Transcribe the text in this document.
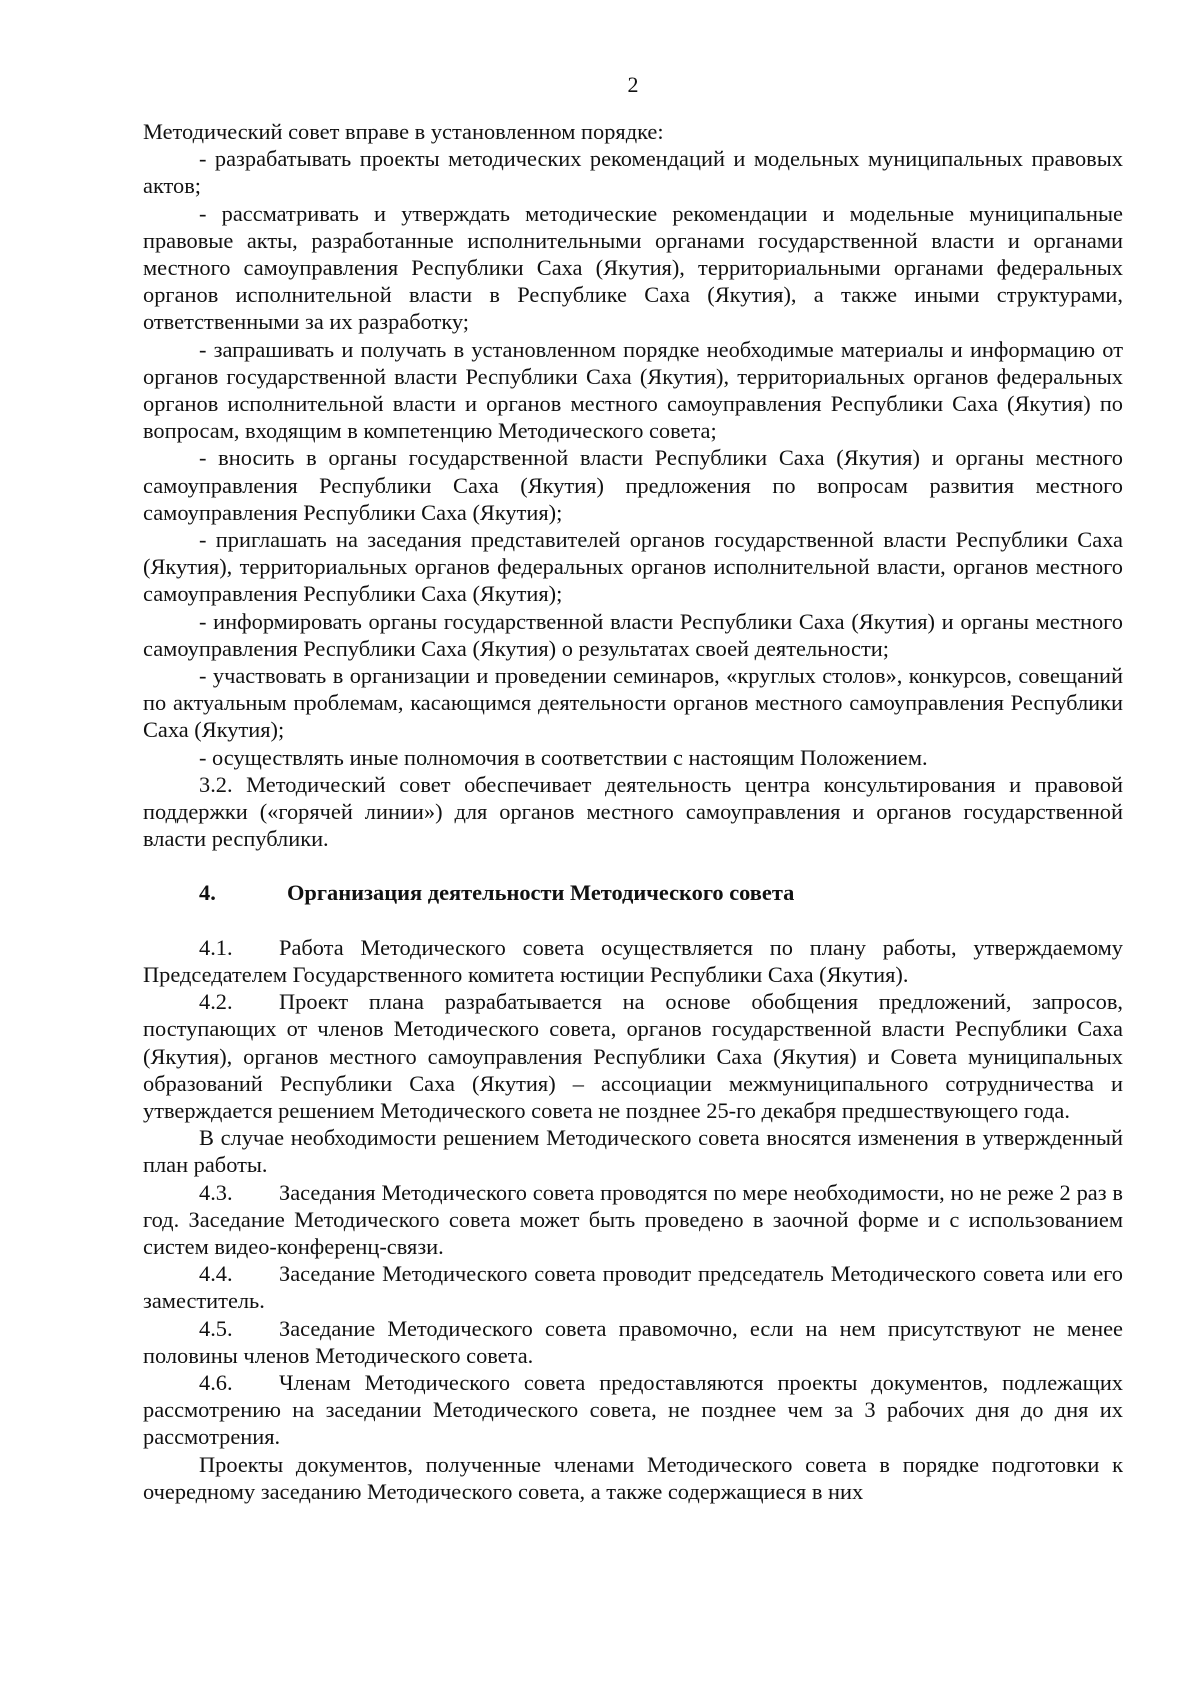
2

Методический совет вправе в установленном порядке:

- разрабатывать проекты методических рекомендаций и модельных муниципальных правовых актов;

- рассматривать и утверждать методические рекомендации и модельные муниципальные правовые акты, разработанные исполнительными органами государственной власти и органами местного самоуправления Республики Саха (Якутия), территориальными органами федеральных органов исполнительной власти в Республике Саха (Якутия), а также иными структурами, ответственными за их разработку;

- запрашивать и получать в установленном порядке необходимые материалы и информацию от органов государственной власти Республики Саха (Якутия), территориальных органов федеральных органов исполнительной власти и органов местного самоуправления Республики Саха (Якутия) по вопросам, входящим в компетенцию Методического совета;

- вносить в органы государственной власти Республики Саха (Якутия) и органы местного самоуправления Республики Саха (Якутия) предложения по вопросам развития местного самоуправления Республики Саха (Якутия);

- приглашать на заседания представителей органов государственной власти Республики Саха (Якутия), территориальных органов федеральных органов исполнительной власти, органов местного самоуправления Республики Саха (Якутия);

- информировать органы государственной власти Республики Саха (Якутия) и органы местного самоуправления Республики Саха (Якутия) о результатах своей деятельности;

- участвовать в организации и проведении семинаров, «круглых столов», конкурсов, совещаний по актуальным проблемам, касающимся деятельности органов местного самоуправления Республики Саха (Якутия);

- осуществлять иные полномочия в соответствии с настоящим Положением.

3.2. Методический совет обеспечивает деятельность центра консультирования и правовой поддержки («горячей линии») для органов местного самоуправления и органов государственной власти республики.

4.	Организация деятельности Методического совета

4.1. Работа Методического совета осуществляется по плану работы, утверждаемому Председателем Государственного комитета юстиции Республики Саха (Якутия).

4.2. Проект плана разрабатывается на основе обобщения предложений, запросов, поступающих от членов Методического совета, органов государственной власти Республики Саха (Якутия), органов местного самоуправления Республики Саха (Якутия) и Совета муниципальных образований Республики Саха (Якутия) – ассоциации межмуниципального сотрудничества и утверждается решением Методического совета не позднее 25-го декабря предшествующего года.

В случае необходимости решением Методического совета вносятся изменения в утвержденный план работы.

4.3. Заседания Методического совета проводятся по мере необходимости, но не реже 2 раз в год. Заседание Методического совета может быть проведено в заочной форме и с использованием систем видео-конференц-связи.

4.4. Заседание Методического совета проводит председатель Методического совета или его заместитель.

4.5. Заседание Методического совета правомочно, если на нем присутствуют не менее половины членов Методического совета.

4.6. Членам Методического совета предоставляются проекты документов, подлежащих рассмотрению на заседании Методического совета, не позднее чем за 3 рабочих дня до дня их рассмотрения.

Проекты документов, полученные членами Методического совета в порядке подготовки к очередному заседанию Методического совета, а также содержащиеся в них
